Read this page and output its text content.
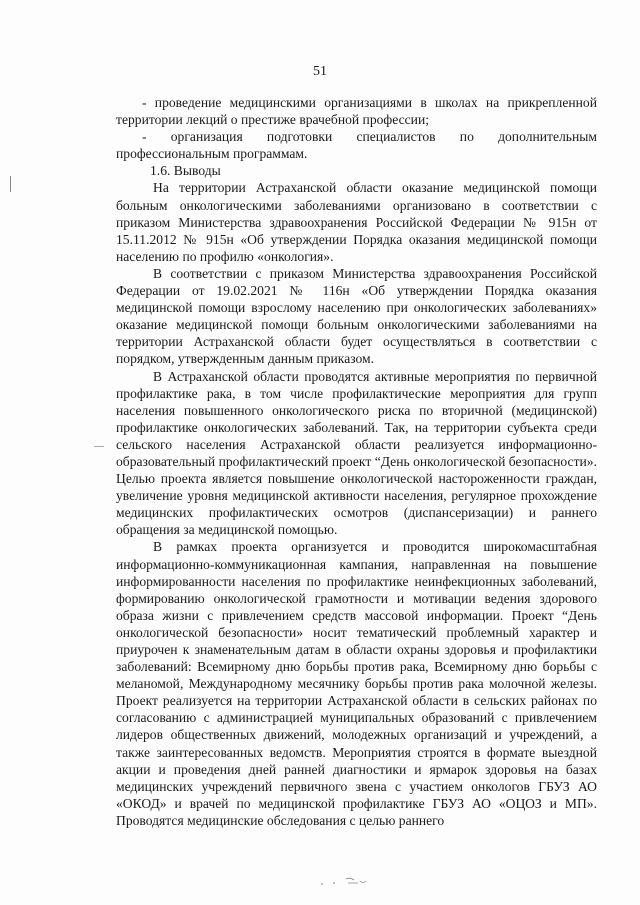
51

- проведение медицинскими организациями в школах на прикрепленной территории лекций о престиже врачебной профессии;

- организация подготовки специалистов по дополнительным профессиональным программам.

1.6. Выводы

На территории Астраханской области оказание медицинской помощи больным онкологическими заболеваниями организовано в соответствии с приказом Министерства здравоохранения Российской Федерации № 915н от 15.11.2012 № 915н «Об утверждении Порядка оказания медицинской помощи населению по профилю «онкология».

В соответствии с приказом Министерства здравоохранения Российской Федерации от 19.02.2021 № 116н «Об утверждении Порядка оказания медицинской помощи взрослому населению при онкологических заболеваниях» оказание медицинской помощи больным онкологическими заболеваниями на территории Астраханской области будет осуществляться в соответствии с порядком, утвержденным данным приказом.

В Астраханской области проводятся активные мероприятия по первичной профилактике рака, в том числе профилактические мероприятия для групп населения повышенного онкологического риска по вторичной (медицинской) профилактике онкологических заболеваний. Так, на территории субъекта среди сельского населения Астраханской области реализуется информационно-образовательный профилактический проект “День онкологической безопасности». Целью проекта является повышение онкологической настороженности граждан, увеличение уровня медицинской активности населения, регулярное прохождение медицинских профилактических осмотров (диспансеризации) и раннего обращения за медицинской помощью.

В рамках проекта организуется и проводится широкомасштабная информационно-коммуникационная кампания, направленная на повышение информированности населения по профилактике неинфекционных заболеваний, формированию онкологической грамотности и мотивации ведения здорового образа жизни с привлечением средств массовой информации. Проект “День онкологической безопасности» носит тематический проблемный характер и приурочен к знаменательным датам в области охраны здоровья и профилактики заболеваний: Всемирному дню борьбы против рака, Всемирному дню борьбы с меланомой, Международному месячнику борьбы против рака молочной железы. Проект реализуется на территории Астраханской области в сельских районах по согласованию с администрацией муниципальных образований с привлечением лидеров общественных движений, молодежных организаций и учреждений, а также заинтересованных ведомств. Мероприятия строятся в формате выездной акции и проведения дней ранней диагностики и ярмарок здоровья на базах медицинских учреждений первичного звена с участием онкологов ГБУЗ АО «ОКОД» и врачей по медицинской профилактике ГБУЗ АО «ОЦОЗ и МП». Проводятся медицинские обследования с целью раннего
